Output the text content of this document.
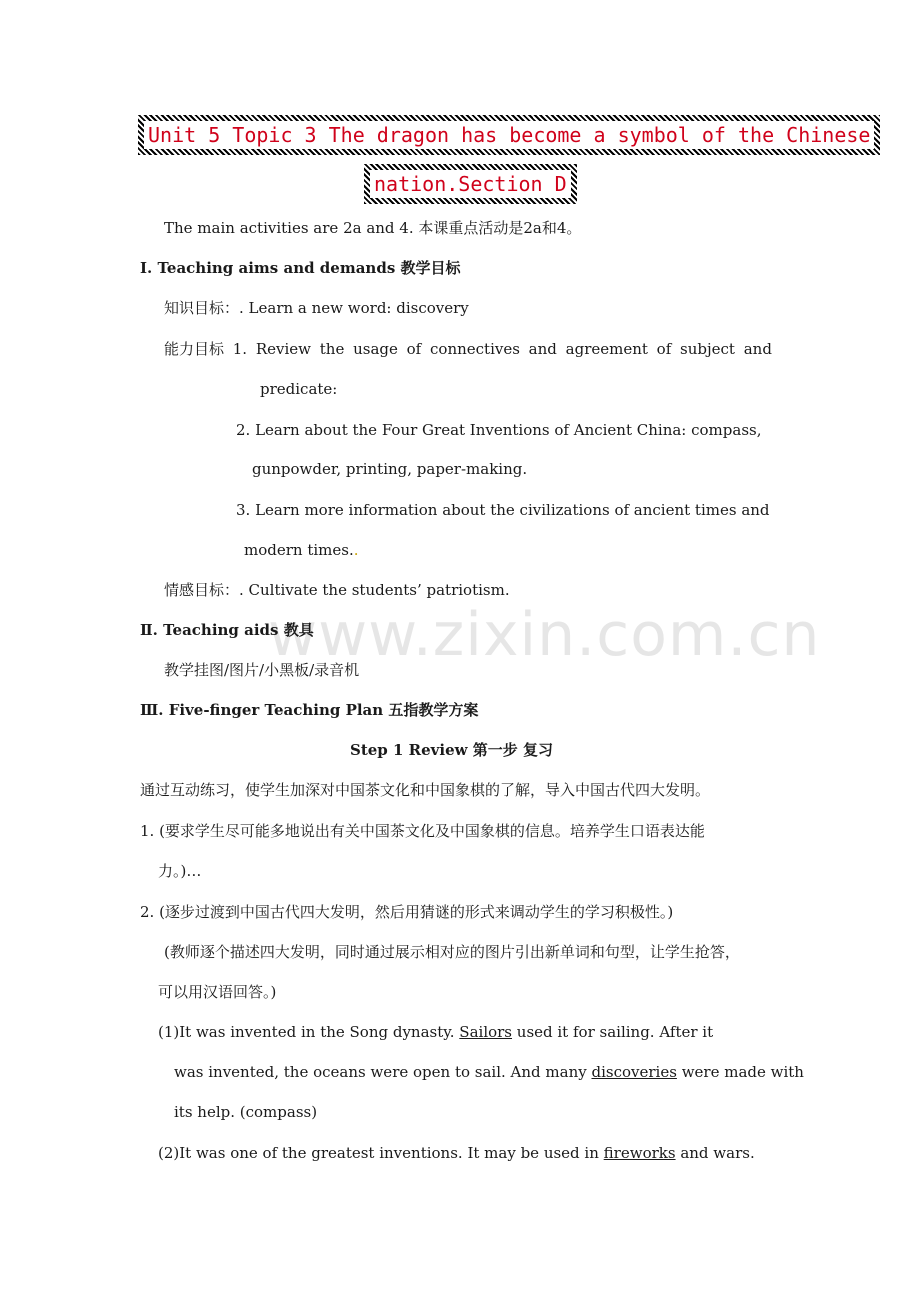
Unit 5 Topic 3 The dragon has become a symbol of the Chinese
nation.Section D
The main activities are 2a and 4. 本课重点活动是2a和4。
Ⅰ. Teaching aims and demands 教学目标
知识目标：. Learn a new word: discovery
能力目标 1. Review the usage of connectives and agreement of subject and
predicate:
2. Learn about the Four Great Inventions of Ancient China: compass,
gunpowder, printing, paper-making.
3. Learn more information about the civilizations of ancient times and
modern times..
情感目标：. Cultivate the students’ patriotism.
www.zixin.com.cn
Ⅱ. Teaching aids 教具
教学挂图/图片/小黑板/录音机
Ⅲ. Five-finger Teaching Plan 五指教学方案
Step 1 Review 第一步 复习
通过互动练习，使学生加深对中国茶文化和中国象棋的了解，导入中国古代四大发明。
1. (要求学生尽可能多地说出有关中国茶文化及中国象棋的信息。培养学生口语表达能
力。)…
2. (逐步过渡到中国古代四大发明，然后用猜谜的形式来调动学生的学习积极性。)
(教师逐个描述四大发明，同时通过展示相对应的图片引出新单词和句型，让学生抢答，
可以用汉语回答。)
(1)It was invented in the Song dynasty. Sailors used it for sailing. After it
was invented, the oceans were open to sail. And many discoveries were made with
its help. (compass)
(2)It was one of the greatest inventions. It may be used in fireworks and wars.
